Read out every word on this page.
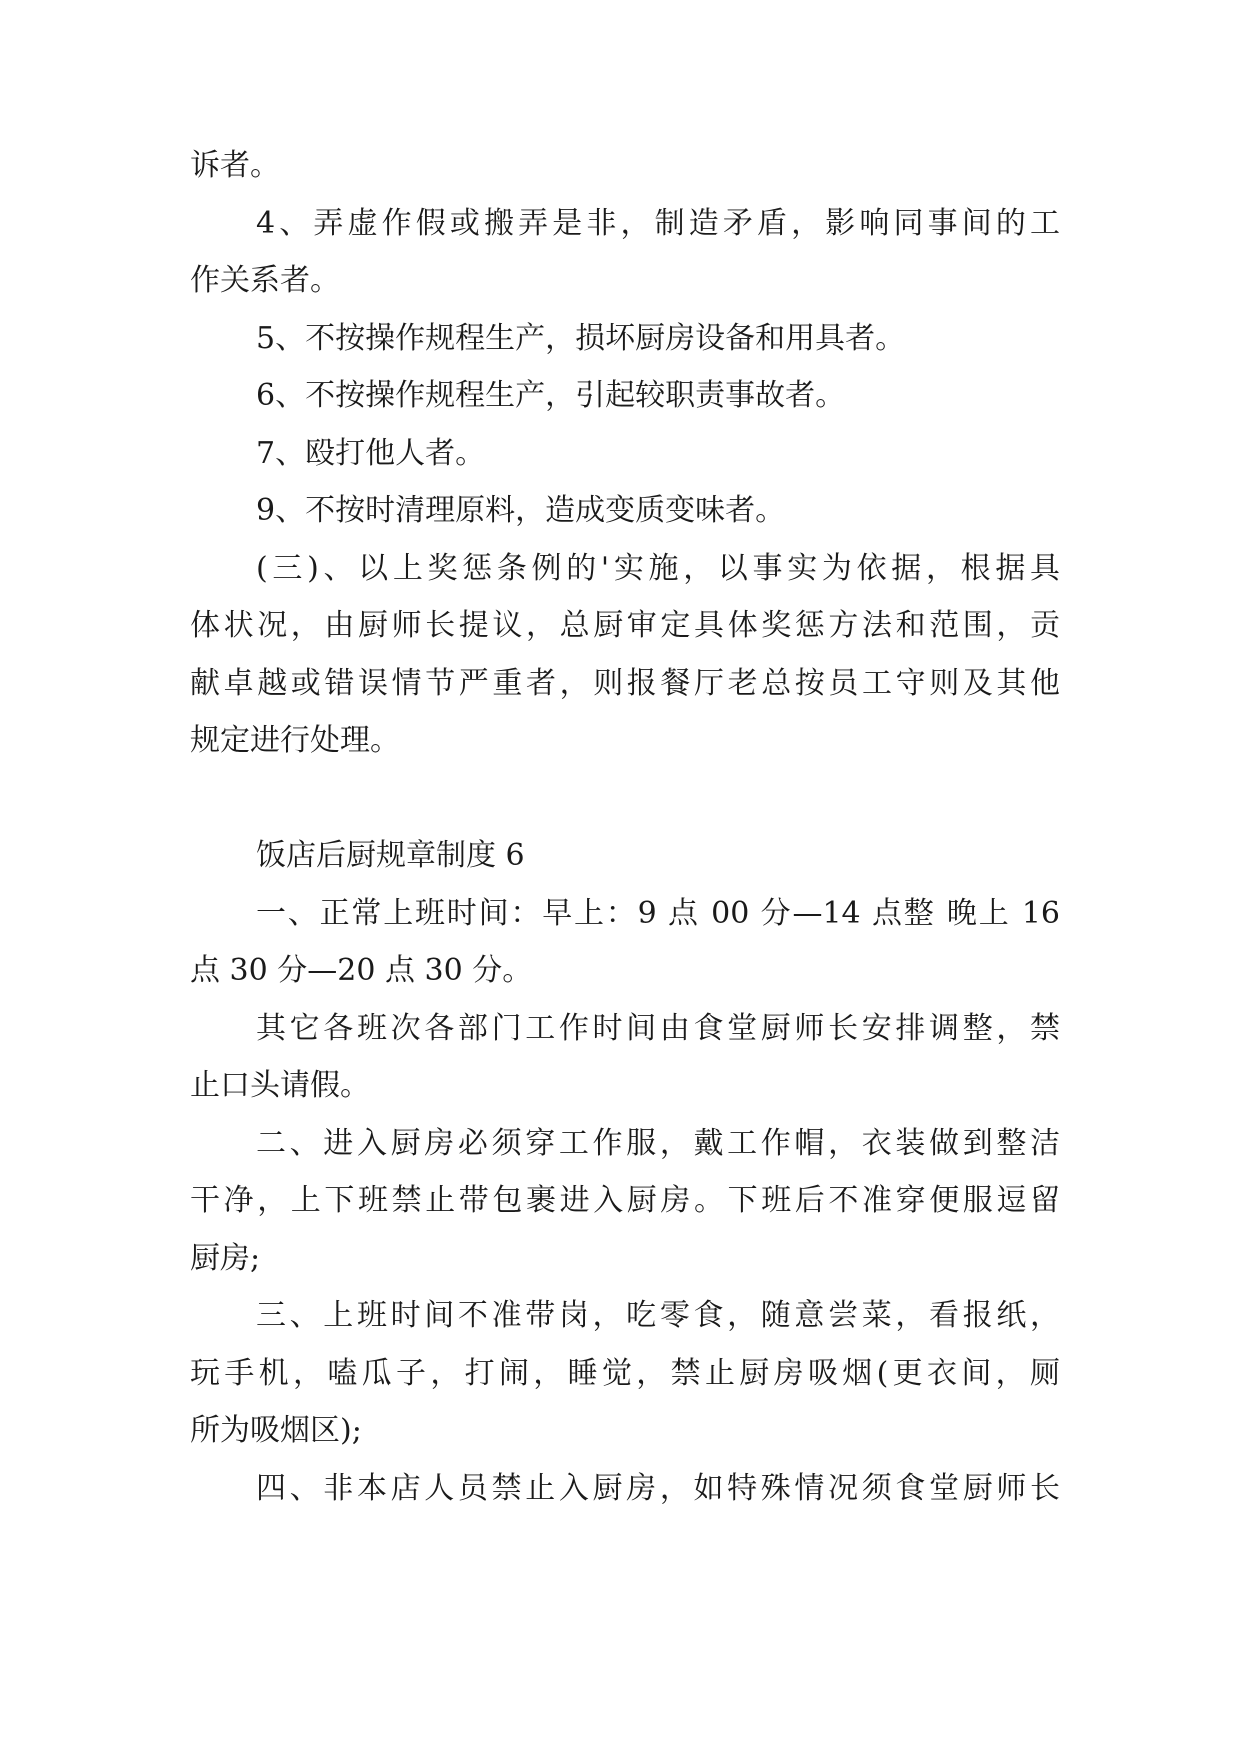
诉者。
4、弄虚作假或搬弄是非，制造矛盾，影响同事间的工
作关系者。
5、不按操作规程生产，损坏厨房设备和用具者。
6、不按操作规程生产，引起较职责事故者。
7、殴打他人者。
9、不按时清理原料，造成变质变味者。
(三)、以上奖惩条例的'实施，以事实为依据，根据具
体状况，由厨师长提议，总厨审定具体奖惩方法和范围，贡
献卓越或错误情节严重者，则报餐厅老总按员工守则及其他
规定进行处理。
饭店后厨规章制度 6
一、正常上班时间：早上：9 点 00 分—14 点整 晚上 16
点 30 分—20 点 30 分。
其它各班次各部门工作时间由食堂厨师长安排调整，禁
止口头请假。
二、进入厨房必须穿工作服，戴工作帽，衣装做到整洁
干净，上下班禁止带包裹进入厨房。下班后不准穿便服逗留
厨房;
三、上班时间不准带岗，吃零食，随意尝菜，看报纸，
玩手机，嗑瓜子，打闹，睡觉，禁止厨房吸烟(更衣间，厕
所为吸烟区);
四、非本店人员禁止入厨房，如特殊情况须食堂厨师长
